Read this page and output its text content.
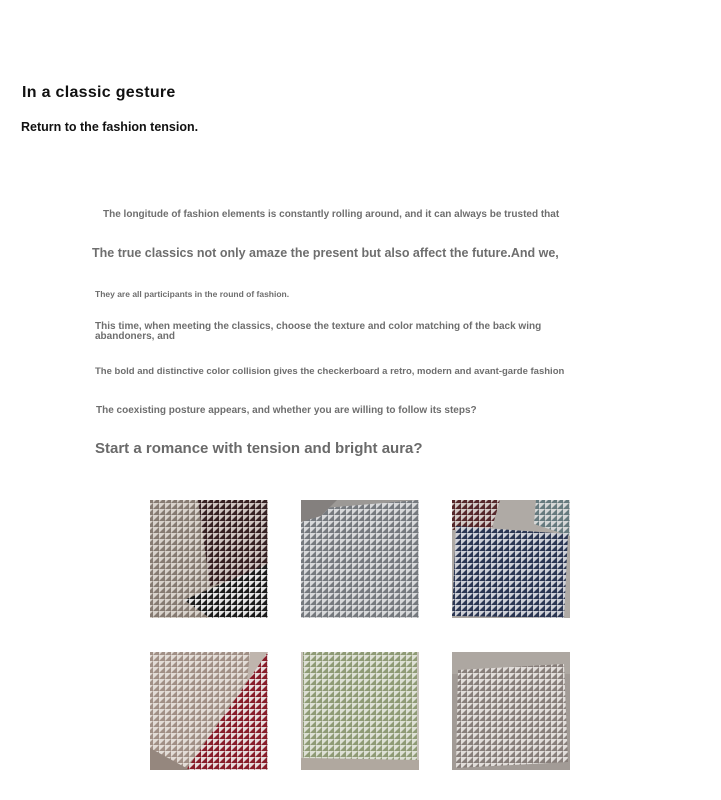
In a classic gesture
Return to the fashion tension.
The longitude of fashion elements is constantly rolling around, and it can always be trusted that
The true classics not only amaze the present but also affect the future.And we,
They are all participants in the round of fashion.
This time, when meeting the classics, choose the texture and color matching of the back wing abandoners, and
The bold and distinctive color collision gives the checkerboard a retro, modern and avant-garde fashion
The coexisting posture appears, and whether you are willing to follow its steps?
Start a romance with tension and bright aura?
